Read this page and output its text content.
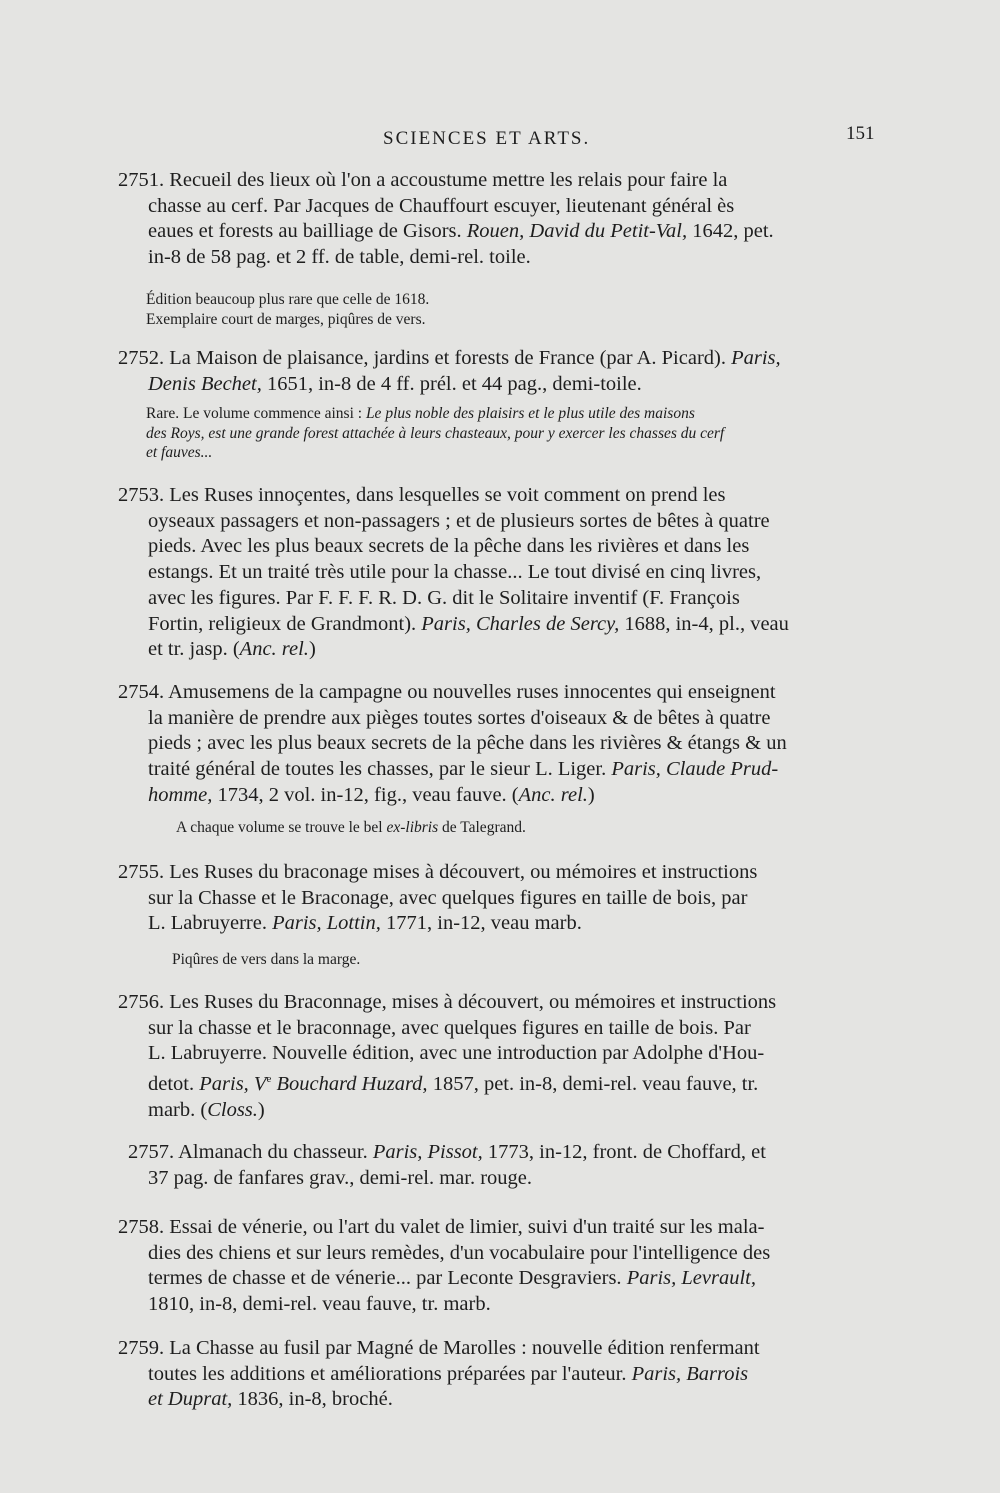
SCIENCES ET ARTS.	151
2751. Recueil des lieux où l'on a accoustume mettre les relais pour faire la
chasse au cerf. Par Jacques de Chauffourt escuyer, lieutenant général ès
eaues et forests au bailliage de Gisors. Rouen, David du Petit-Val, 1642, pet.
in-8 de 58 pag. et 2 ff. de table, demi-rel. toile.
Édition beaucoup plus rare que celle de 1618.
Exemplaire court de marges, piqûres de vers.
2752. La Maison de plaisance, jardins et forests de France (par A. Picard). Paris,
Denis Bechet, 1651, in-8 de 4 ff. prél. et 44 pag., demi-toile.
Rare. Le volume commence ainsi : Le plus noble des plaisirs et le plus utile des maisons
des Roys, est une grande forest attachée à leurs chasteaux, pour y exercer les chasses du cerf
et fauves...
2753. Les Ruses innoçentes, dans lesquelles se voit comment on prend les
oyseaux passagers et non-passagers ; et de plusieurs sortes de bêtes à quatre
pieds. Avec les plus beaux secrets de la pêche dans les rivières et dans les
estangs. Et un traité très utile pour la chasse... Le tout divisé en cinq livres,
avec les figures. Par F. F. F. R. D. G. dit le Solitaire inventif (F. François
Fortin, religieux de Grandmont). Paris, Charles de Sercy, 1688, in-4, pl., veau
et tr. jasp. (Anc. rel.)
2754. Amusemens de la campagne ou nouvelles ruses innocentes qui enseignent
la manière de prendre aux pièges toutes sortes d'oiseaux & de bêtes à quatre
pieds ; avec les plus beaux secrets de la pêche dans les rivières & étangs & un
traité général de toutes les chasses, par le sieur L. Liger. Paris, Claude Prud-
homme, 1734, 2 vol. in-12, fig., veau fauve. (Anc. rel.)
A chaque volume se trouve le bel ex-libris de Talegrand.
2755. Les Ruses du braconage mises à découvert, ou mémoires et instructions
sur la Chasse et le Braconage, avec quelques figures en taille de bois, par
L. Labruyerre. Paris, Lottin, 1771, in-12, veau marb.
Piqûres de vers dans la marge.
2756. Les Ruses du Braconnage, mises à découvert, ou mémoires et instructions
sur la chasse et le braconnage, avec quelques figures en taille de bois. Par
L. Labruyerre. Nouvelle édition, avec une introduction par Adolphe d'Hou-
detot. Paris, Ve Bouchard Huzard, 1857, pet. in-8, demi-rel. veau fauve, tr.
marb. (Closs.)
2757. Almanach du chasseur. Paris, Pissot, 1773, in-12, front. de Choffard, et
37 pag. de fanfares grav., demi-rel. mar. rouge.
2758. Essai de vénerie, ou l'art du valet de limier, suivi d'un traité sur les mala-
dies des chiens et sur leurs remèdes, d'un vocabulaire pour l'intelligence des
termes de chasse et de vénerie... par Leconte Desgraviers. Paris, Levrault,
1810, in-8, demi-rel. veau fauve, tr. marb.
2759. La Chasse au fusil par Magné de Marolles : nouvelle édition renfermant
toutes les additions et améliorations préparées par l'auteur. Paris, Barrois
et Duprat, 1836, in-8, broché.
